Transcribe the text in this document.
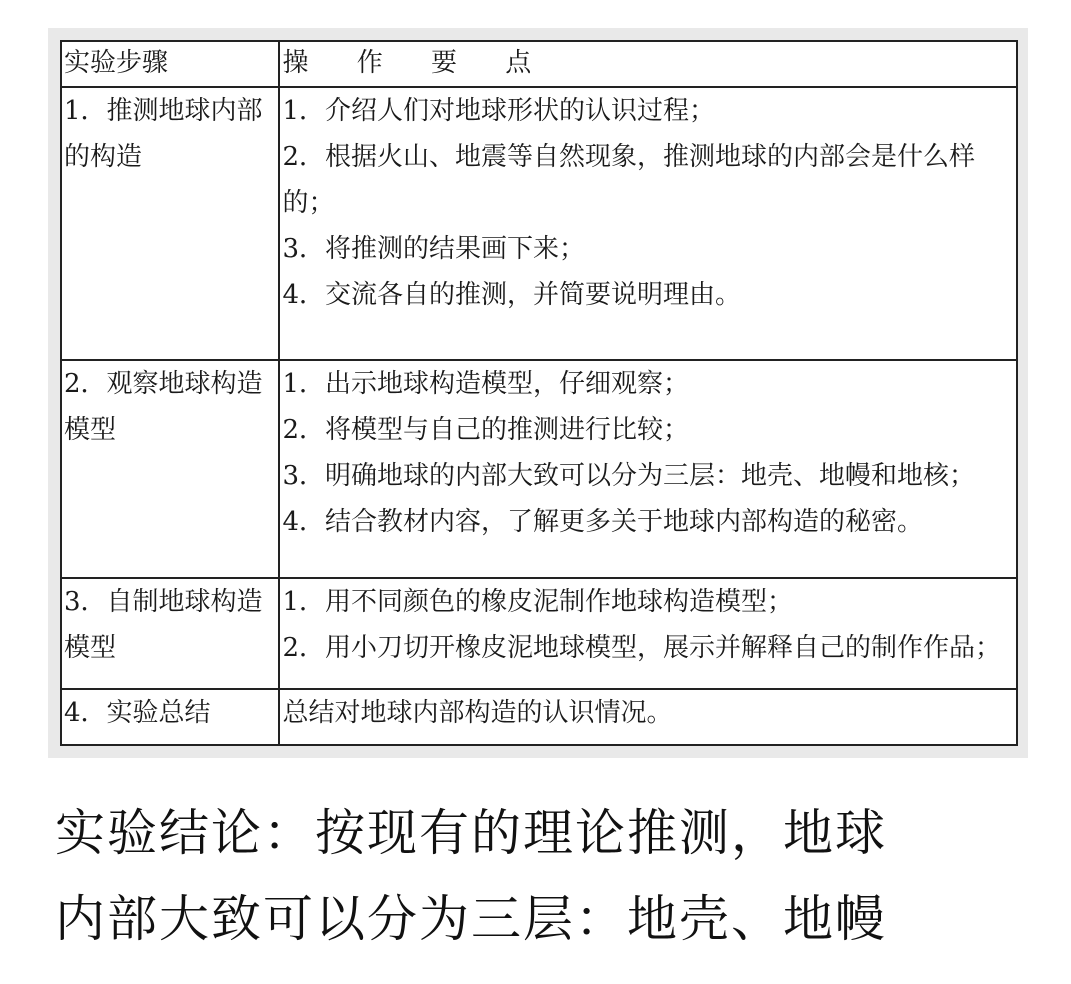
实验步骤	操 作 要 点

1．推测地球内部的构造	1．介绍人们对地球形状的认识过程；
2．根据火山、地震等自然现象，推测地球的内部会是什么样的；
3．将推测的结果画下来；
4．交流各自的推测，并简要说明理由。

2．观察地球构造模型	1．出示地球构造模型，仔细观察；
2．将模型与自己的推测进行比较；
3．明确地球的内部大致可以分为三层：地壳、地幔和地核；
4．结合教材内容，了解更多关于地球内部构造的秘密。

3．自制地球构造模型	1．用不同颜色的橡皮泥制作地球构造模型；
2．用小刀切开橡皮泥地球模型，展示并解释自己的制作作品；

4．实验总结	总结对地球内部构造的认识情况。
实验结论：按现有的理论推测，地球
内部大致可以分为三层：地壳、地幔
